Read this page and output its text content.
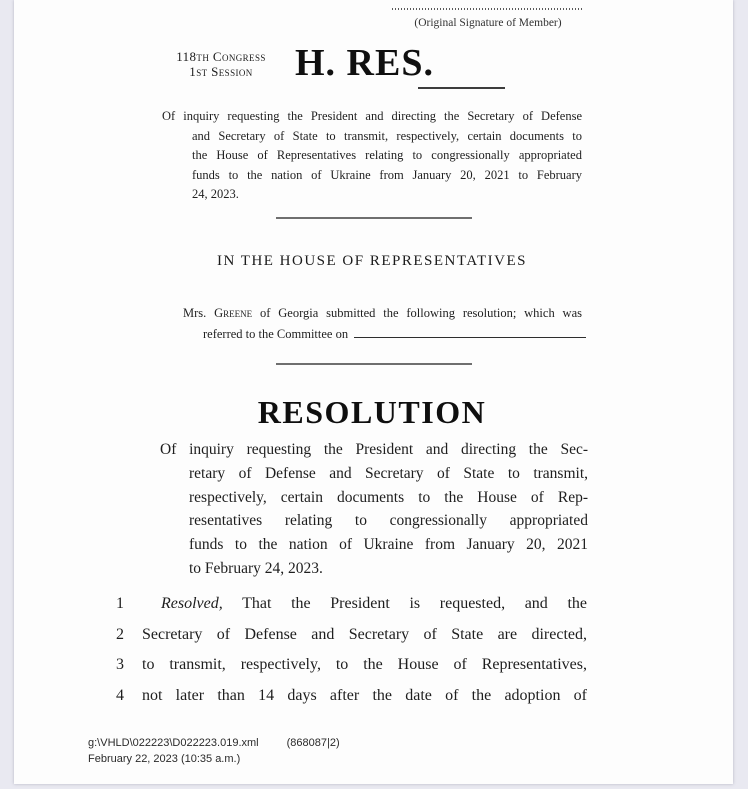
(Original Signature of Member)
118th Congress
1st Session	H. RES.
Of inquiry requesting the President and directing the Secretary of Defense
and Secretary of State to transmit, respectively, certain documents to
the House of Representatives relating to congressionally appropriated
funds to the nation of Ukraine from January 20, 2021 to February
24, 2023.
IN THE HOUSE OF REPRESENTATIVES
Mrs. Greene of Georgia submitted the following resolution; which was
referred to the Committee on
RESOLUTION
Of inquiry requesting the President and directing the Sec-
retary of Defense and Secretary of State to transmit,
respectively, certain documents to the House of Rep-
resentatives relating to congressionally appropriated
funds to the nation of Ukraine from January 20, 2021
to February 24, 2023.
1	Resolved, That the President is requested, and the
2	Secretary of Defense and Secretary of State are directed,
3	to transmit, respectively, to the House of Representatives,
4	not later than 14 days after the date of the adoption of
g:\VHLD\022223\D022223.019.xml	(868087|2)
February 22, 2023 (10:35 a.m.)
